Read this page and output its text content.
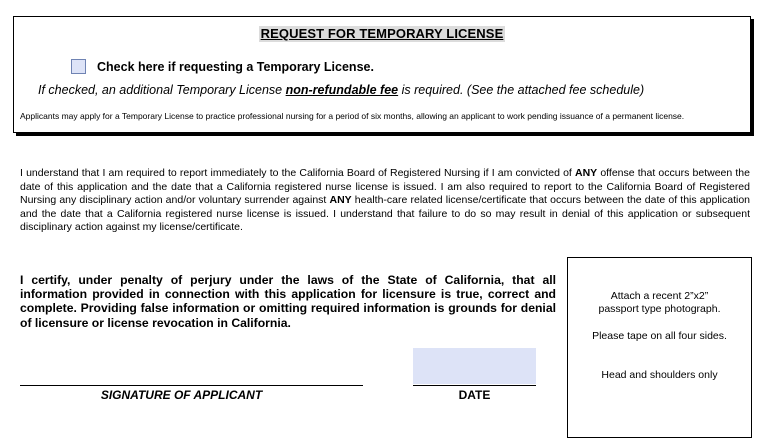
REQUEST FOR TEMPORARY LICENSE
Check here if requesting a Temporary License.
If checked, an additional Temporary License non-refundable fee is required. (See the attached fee schedule)
Applicants may apply for a Temporary License to practice professional nursing for a period of six months, allowing an applicant to work pending issuance of a permanent license.
I understand that I am required to report immediately to the California Board of Registered Nursing if I am convicted of ANY offense that occurs between the date of this application and the date that a California registered nurse license is issued. I am also required to report to the California Board of Registered Nursing any disciplinary action and/or voluntary surrender against ANY health-care related license/certificate that occurs between the date of this application and the date that a California registered nurse license is issued. I understand that failure to do so may result in denial of this application or subsequent disciplinary action against my license/certificate.
I certify, under penalty of perjury under the laws of the State of California, that all information provided in connection with this application for licensure is true, correct and complete. Providing false information or omitting required information is grounds for denial of licensure or license revocation in California.
Attach a recent 2”x2”
passport type photograph.
Please tape on all four sides.
Head and shoulders only
SIGNATURE OF APPLICANT	DATE
